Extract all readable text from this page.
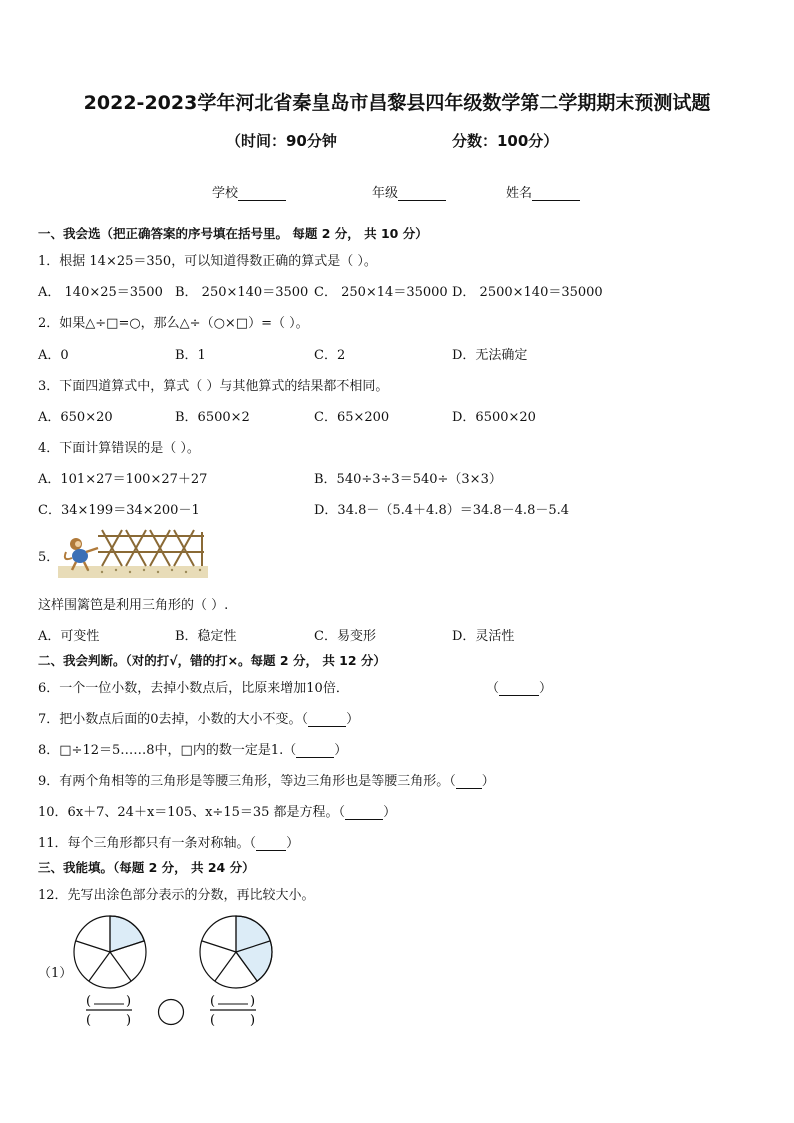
2022-2023学年河北省秦皇岛市昌黎县四年级数学第二学期期末预测试题
（时间：90分钟	分数：100分）
学校	年级	姓名
一、我会选（把正确答案的序号填在括号里。 每题 2 分， 共 10 分）
1．根据 14×25＝350，可以知道得数正确的算式是（ ）。
A． 140×25＝3500 B． 250×140＝3500 C． 250×14＝35000 D． 2500×140＝35000
2．如果△÷□=○，那么△÷（○×□）=（ ）。
A．0	B．1	C．2	D．无法确定
3．下面四道算式中，算式（ ）与其他算式的结果都不相同。
A．650×20	B．6500×2	C．65×200	D．6500×20
4．下面计算错误的是（ ）。
A．101×27＝100×27＋27	B．540÷3÷3＝540÷（3×3）
C．34×199＝34×200－1	D．34.8－（5.4＋4.8）＝34.8－4.8－5.4
5．
这样围篱笆是利用三角形的（ ）.
A．可变性	B．稳定性	C．易变形	D．灵活性
二、我会判断。（对的打√，错的打×。每题 2 分， 共 12 分）
6．一个一位小数，去掉小数点后，比原来增加10倍．	（	）
7．把小数点后面的0去掉，小数的大小不变。（	）
8．□÷12＝5……8中，□内的数一定是1.（	）
9．有两个角相等的三角形是等腰三角形，等边三角形也是等腰三角形。（ ）
10．6x＋7、24＋x＝105、x÷15＝35 都是方程。（	）
11．每个三角形都只有一条对称轴。（ ）
三、我能填。（每题 2 分， 共 24 分）
12．先写出涂色部分表示的分数，再比较大小。
（1）
(	)
(	)
(	)
(	)
